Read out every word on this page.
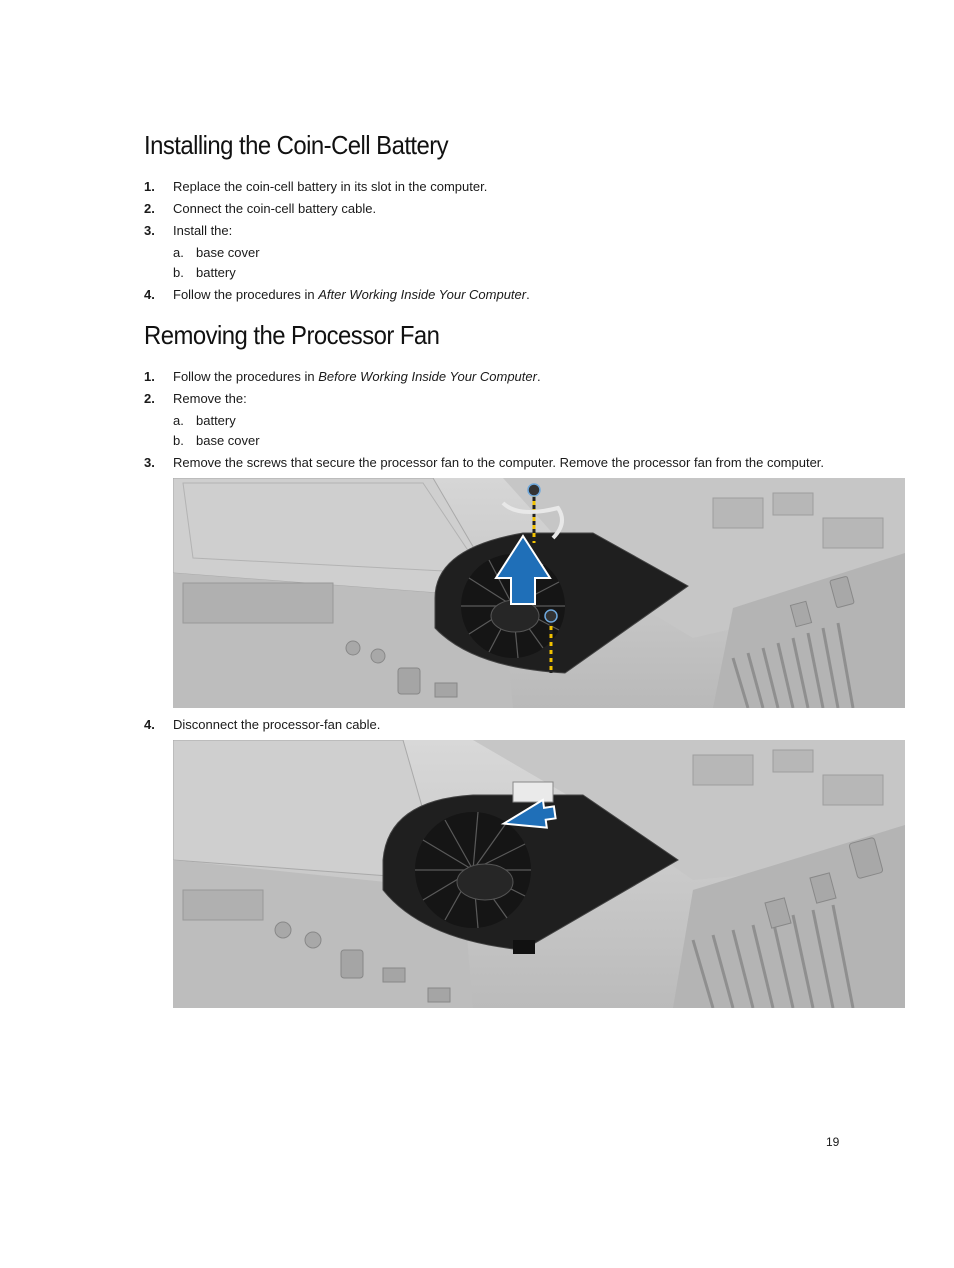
Installing the Coin-Cell Battery
1.	Replace the coin-cell battery in its slot in the computer.
2.	Connect the coin-cell battery cable.
3.	Install the:
a. base cover
b. battery
4.	Follow the procedures in After Working Inside Your Computer.
Removing the Processor Fan
1.	Follow the procedures in Before Working Inside Your Computer.
2.	Remove the:
a. battery
b. base cover
3.	Remove the screws that secure the processor fan to the computer. Remove the processor fan from the computer.
4.	Disconnect the processor-fan cable.
19
